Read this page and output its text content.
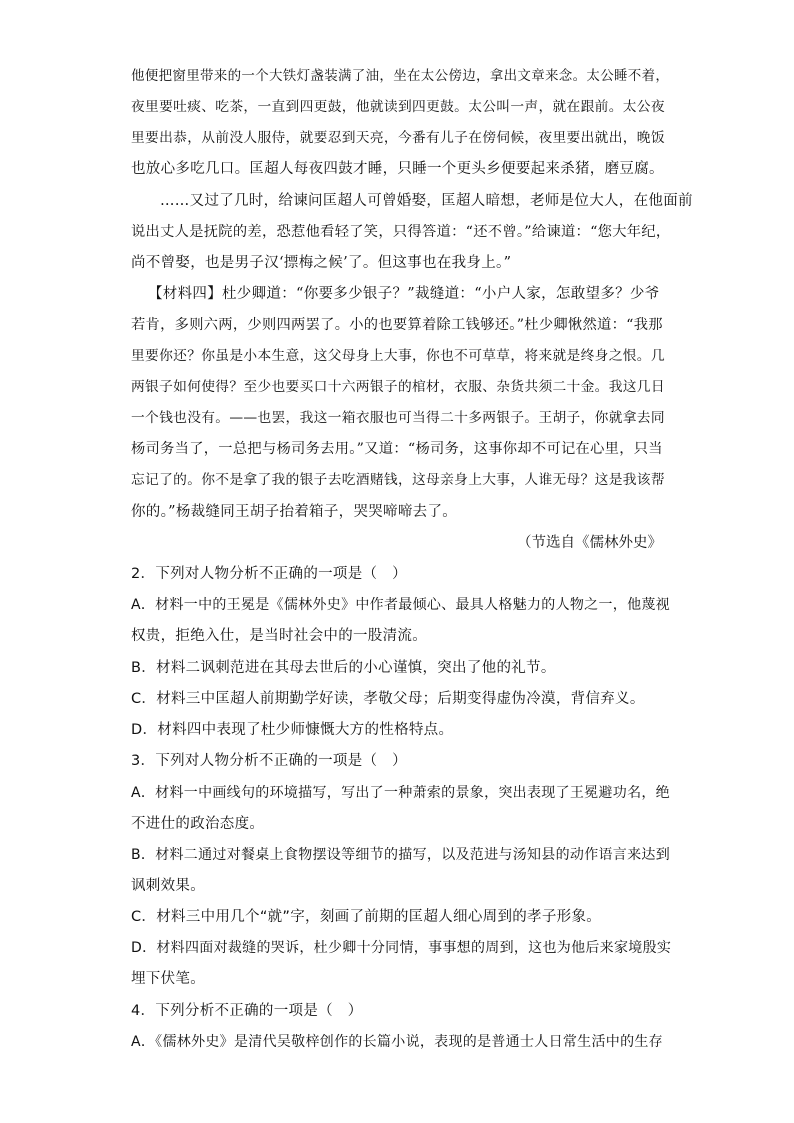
他便把窗里带来的一个大铁灯盏装满了油，坐在太公傍边，拿出文章来念。太公睡不着，
夜里要吐痰、吃茶，一直到四更鼓，他就读到四更鼓。太公叫一声，就在跟前。太公夜
里要出恭，从前没人服侍，就要忍到天亮，今番有儿子在傍伺候，夜里要出就出，晚饭
也放心多吃几口。匡超人每夜四鼓才睡，只睡一个更头乡便要起来杀猪，磨豆腐。
……又过了几时，给谏问匡超人可曾婚娶，匡超人暗想，老师是位大人，在他面前
说出丈人是抚院的差，恐惹他看轻了笑，只得答道：“还不曾。”给谏道：“您大年纪，
尚不曾娶，也是男子汉‘摽梅之候’了。但这事也在我身上。”
【材料四】杜少卿道：“你要多少银子？”裁缝道：“小户人家，怎敢望多？少爷
若肯，多则六两，少则四两罢了。小的也要算着除工钱够还。”杜少卿愀然道：“我那
里要你还？你虽是小本生意，这父母身上大事，你也不可草草，将来就是终身之恨。几
两银子如何使得？至少也要买口十六两银子的棺材，衣服、杂货共须二十金。我这几日
一个钱也没有。——也罢，我这一箱衣服也可当得二十多两银子。王胡子，你就拿去同
杨司务当了，一总把与杨司务去用。”又道：“杨司务，这事你却不可记在心里，只当
忘记了的。你不是拿了我的银子去吃酒赌钱，这母亲身上大事，人谁无母？这是我该帮
你的。”杨裁缝同王胡子抬着箱子，哭哭啼啼去了。
（节选自《儒林外史》
2．下列对人物分析不正确的一项是（　）
A．材料一中的王冕是《儒林外史》中作者最倾心、最具人格魅力的人物之一，他蔑视
权贵，拒绝入仕，是当时社会中的一股清流。
B．材料二讽刺范进在其母去世后的小心谨慎，突出了他的礼节。
C．材料三中匡超人前期勤学好读，孝敬父母；后期变得虚伪冷漠，背信弃义。
D．材料四中表现了杜少师慷慨大方的性格特点。
3．下列对人物分析不正确的一项是（　）
A．材料一中画线句的环境描写，写出了一种萧索的景象，突出表现了王冕避功名，绝
不进仕的政治态度。
B．材料二通过对餐桌上食物摆设等细节的描写，以及范进与汤知县的动作语言来达到
讽刺效果。
C．材料三中用几个“就”字，刻画了前期的匡超人细心周到的孝子形象。
D．材料四面对裁缝的哭诉，杜少卿十分同情，事事想的周到，这也为他后来家境殷实
埋下伏笔。
4．下列分析不正确的一项是（　）
A．《儒林外史》是清代吴敬梓创作的长篇小说，表现的是普通士人日常生活中的生存
